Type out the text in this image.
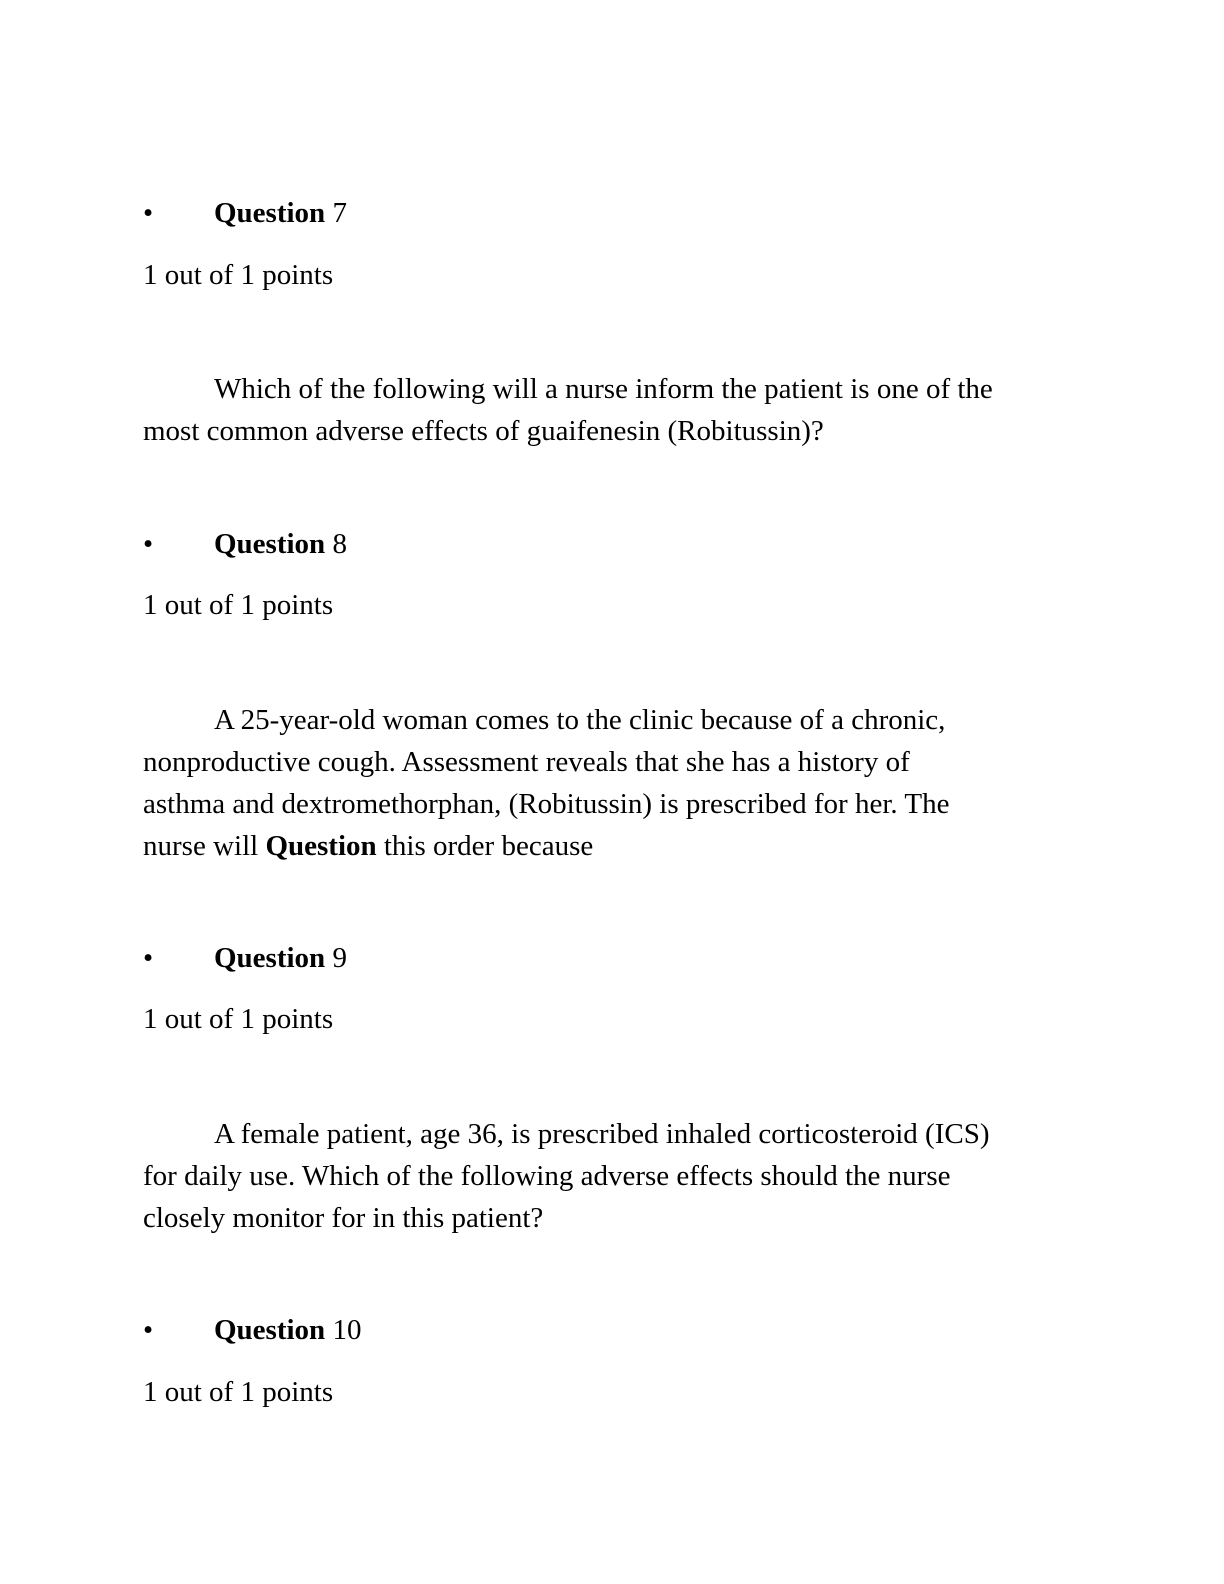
•	Question 7
1 out of 1 points
Which of the following will a nurse inform the patient is one of the
most common adverse effects of guaifenesin (Robitussin)?
•	Question 8
1 out of 1 points
A 25-year-old woman comes to the clinic because of a chronic,
nonproductive cough. Assessment reveals that she has a history of
asthma and dextromethorphan, (Robitussin) is prescribed for her. The
nurse will Question this order because
•	Question 9
1 out of 1 points
A female patient, age 36, is prescribed inhaled corticosteroid (ICS)
for daily use. Which of the following adverse effects should the nurse
closely monitor for in this patient?
•	Question 10
1 out of 1 points
